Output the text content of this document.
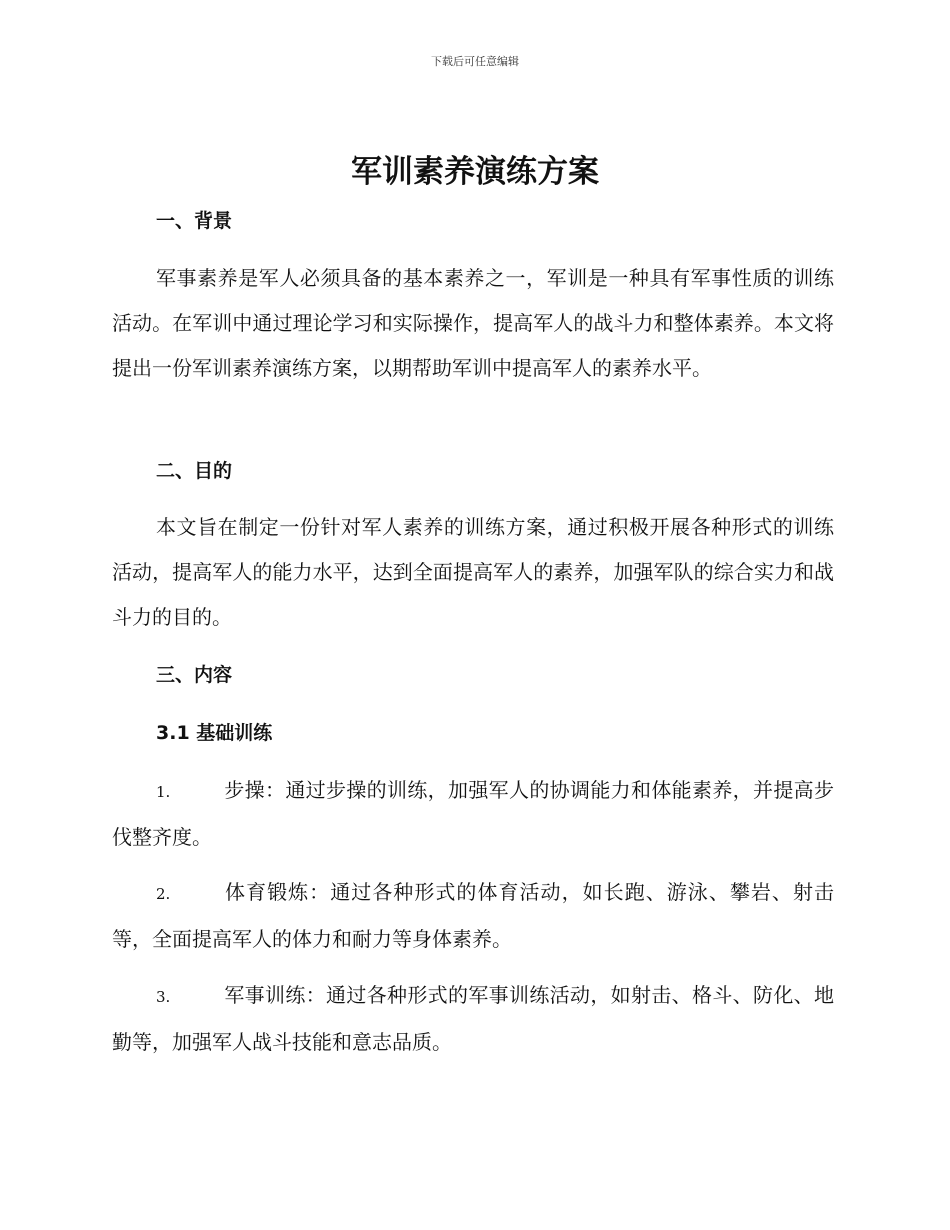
下载后可任意编辑
军训素养演练方案
一、背景
军事素养是军人必须具备的基本素养之一，军训是一种具有军事性质的训练活动。在军训中通过理论学习和实际操作，提高军人的战斗力和整体素养。本文将提出一份军训素养演练方案，以期帮助军训中提高军人的素养水平。
二、目的
本文旨在制定一份针对军人素养的训练方案，通过积极开展各种形式的训练活动，提高军人的能力水平，达到全面提高军人的素养，加强军队的综合实力和战斗力的目的。
三、内容
3.1 基础训练
1.	步操：通过步操的训练，加强军人的协调能力和体能素养，并提高步伐整齐度。
2.	体育锻炼：通过各种形式的体育活动，如长跑、游泳、攀岩、射击等，全面提高军人的体力和耐力等身体素养。
3.	军事训练：通过各种形式的军事训练活动，如射击、格斗、防化、地勤等，加强军人战斗技能和意志品质。
